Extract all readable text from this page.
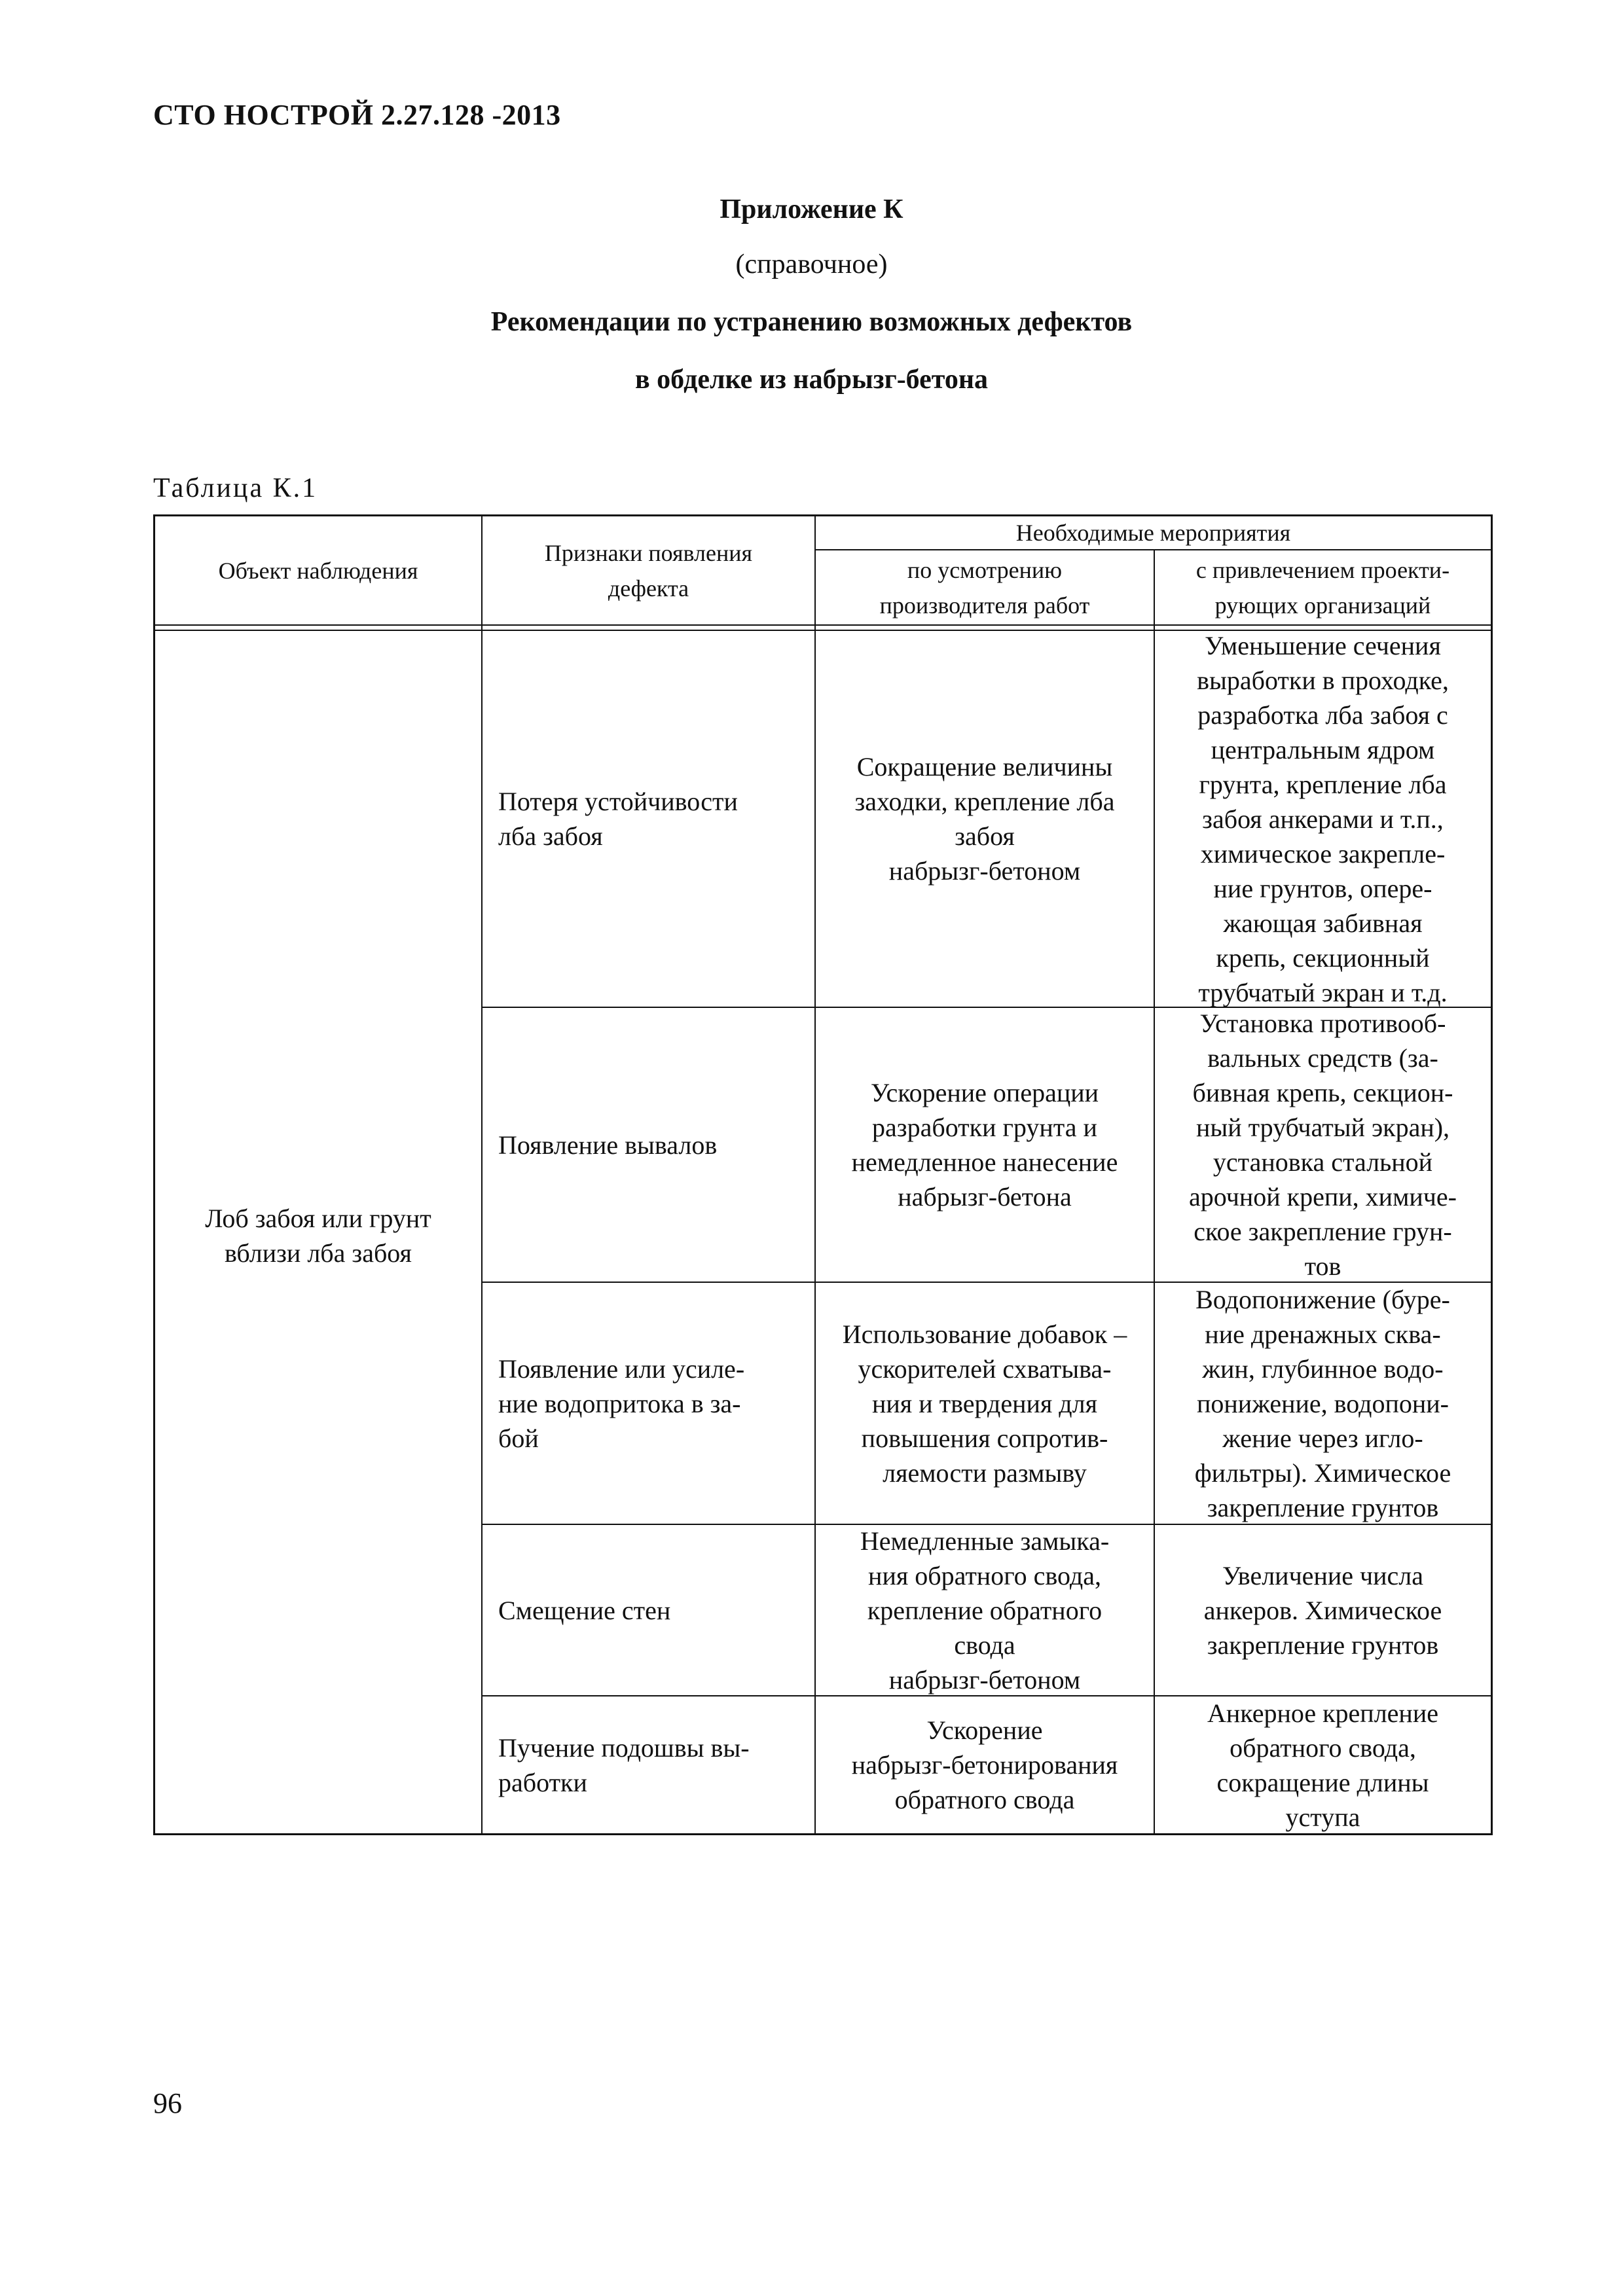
СТО НОСТРОЙ 2.27.128 -2013
Приложение К
(справочное)
Рекомендации по устранению возможных дефектов
в обделке из набрызг-бетона
Таблица К.1
Объект наблюдения
Признаки появления
дефекта
Необходимые мероприятия
по усмотрению
производителя работ
с привлечением проекти-
рующих организаций
Лоб забоя или грунт
вблизи лба забоя
Потеря устойчивости
лба забоя
Сокращение величины
заходки, крепление лба
забоя
набрызг-бетоном
Уменьшение сечения
выработки в проходке,
разработка лба забоя с
центральным ядром
грунта, крепление лба
забоя анкерами и т.п.,
химическое закрепле-
ние грунтов, опере-
жающая забивная
крепь, секционный
трубчатый экран и т.д.
Появление вывалов
Ускорение операции
разработки грунта и
немедленное нанесение
набрызг-бетона
Установка противооб-
вальных средств (за-
бивная крепь, секцион-
ный трубчатый экран),
установка стальной
арочной крепи, химиче-
ское закрепление грун-
тов
Появление или усиле-
ние водопритока в за-
бой
Использование добавок –
ускорителей схватыва-
ния и твердения для
повышения сопротив-
ляемости размыву
Водопонижение (буре-
ние дренажных сква-
жин, глубинное водо-
понижение, водопони-
жение через игло-
фильтры). Химическое
закрепление грунтов
Смещение стен
Немедленные замыка-
ния обратного свода,
крепление обратного
свода
набрызг-бетоном
Увеличение числа
анкеров. Химическое
закрепление грунтов
Пучение подошвы вы-
работки
Ускорение
набрызг-бетонирования
обратного свода
Анкерное крепление
обратного свода,
сокращение длины
уступа
96
